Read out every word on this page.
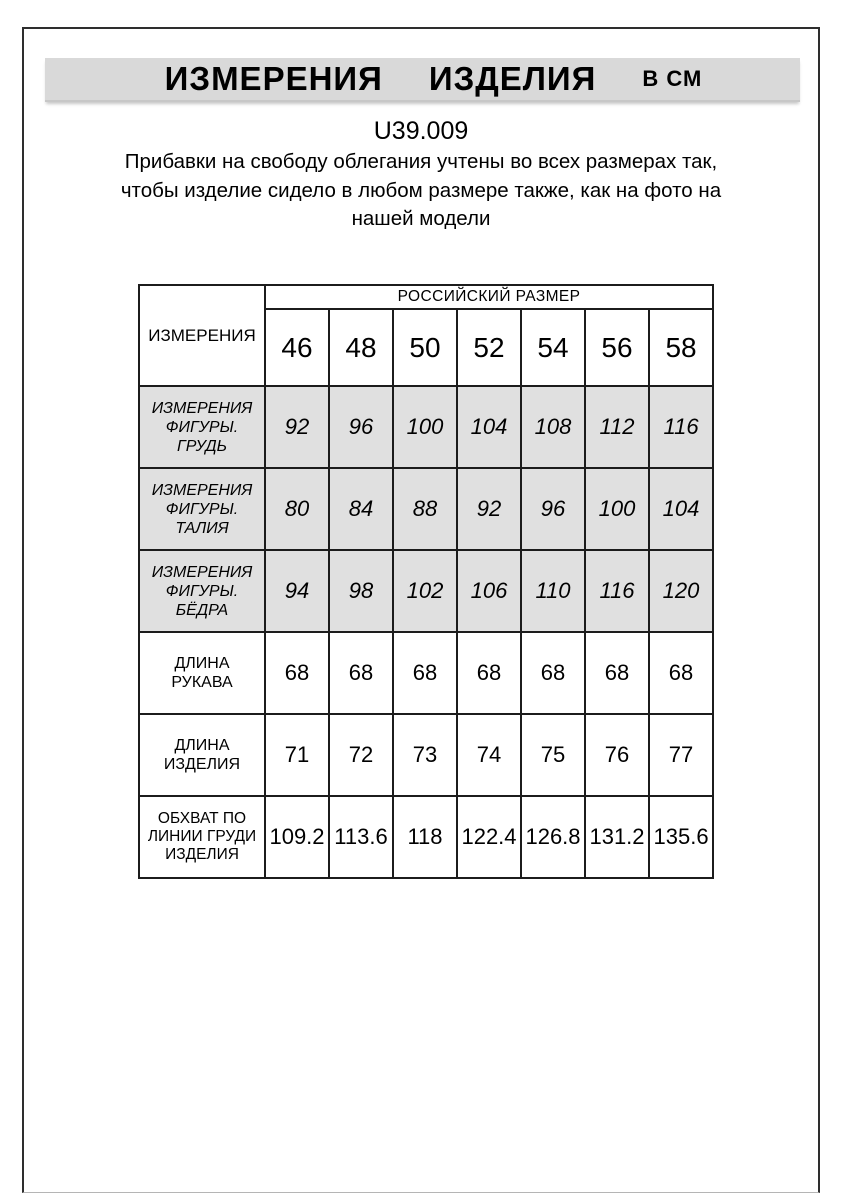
ИЗМЕРЕНИЯ ИЗДЕЛИЯ В СМ
U39.009
Прибавки на свободу облегания учтены во всех размерах так,
чтобы изделие сидело в любом размере также, как на фото на
нашей модели
ИЗМЕРЕНИЯ	РОССИЙСКИЙ РАЗМЕР						
	46	48	50	52	54	56	58
ИЗМЕРЕНИЯ ФИГУРЫ. ГРУДЬ	92	96	100	104	108	112	116
ИЗМЕРЕНИЯ ФИГУРЫ. ТАЛИЯ	80	84	88	92	96	100	104
ИЗМЕРЕНИЯ ФИГУРЫ. БЁДРА	94	98	102	106	110	116	120
ДЛИНА РУКАВА	68	68	68	68	68	68	68
ДЛИНА ИЗДЕЛИЯ	71	72	73	74	75	76	77
ОБХВАТ ПО ЛИНИИ ГРУДИ ИЗДЕЛИЯ	109.2	113.6	118	122.4	126.8	131.2	135.6
